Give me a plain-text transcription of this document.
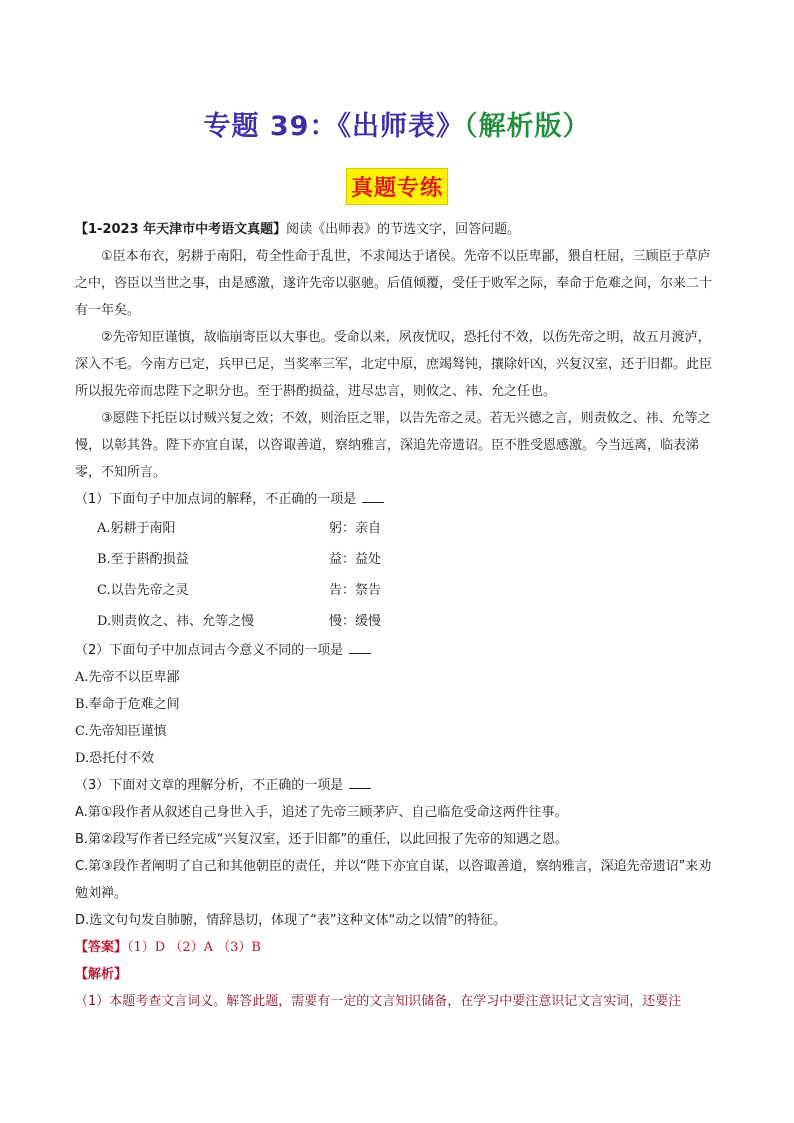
专题 39：《出师表》（解析版）
真题专练

【1-2023 年天津市中考语文真题】阅读《出师表》的节选文字，回答问题。

①臣本布衣，躬耕于南阳，苟全性命于乱世，不求闻达于诸侯。先帝不以臣卑鄙，猥自枉屈，三顾臣于草庐之中，咨臣以当世之事，由是感激，遂许先帝以驱驰。后值倾覆，受任于败军之际，奉命于危难之间，尔来二十有一年矣。

②先帝知臣谨慎，故临崩寄臣以大事也。受命以来，夙夜忧叹，恐托付不效，以伤先帝之明，故五月渡泸，深入不毛。今南方已定，兵甲已足，当奖率三军，北定中原，庶竭驽钝，攘除奸凶，兴复汉室，还于旧都。此臣所以报先帝而忠陛下之职分也。至于斟酌损益，进尽忠言，则攸之、祎、允之任也。

③愿陛下托臣以讨贼兴复之效；不效，则治臣之罪，以告先帝之灵。若无兴德之言，则责攸之、祎、允等之慢，以彰其咎。陛下亦宜自谋，以咨诹善道，察纳雅言，深追先帝遗诏。臣不胜受恩感激。今当远离，临表涕零，不知所言。

（1）下面句子中加点词的解释，不正确的一项是

A.躬耕于南阳	躬：亲自
B.至于斟酌损益	益：益处
C.以告先帝之灵	告：祭告
D.则责攸之、祎、允等之慢	慢：缓慢

（2）下面句子中加点词古今意义不同的一项是

A.先帝不以臣卑鄙

B.奉命于危难之间

C.先帝知臣谨慎

D.恐托付不效

（3）下面对文章的理解分析，不正确的一项是

A.第①段作者从叙述自己身世入手，追述了先帝三顾茅庐、自己临危受命这两件往事。

B.第②段写作者已经完成“兴复汉室，还于旧都”的重任，以此回报了先帝的知遇之恩。

C.第③段作者阐明了自己和其他朝臣的责任，并以“陛下亦宜自谋，以咨诹善道，察纳雅言，深追先帝遗诏”来劝勉刘禅。

D.选文句句发自肺腑，情辞恳切，体现了“表”这种文体“动之以情”的特征。

【答案】（1）D （2）A （3）B

【解析】

（1）本题考查文言词义。解答此题，需要有一定的文言知识储备，在学习中要注意识记文言实词，还要注
